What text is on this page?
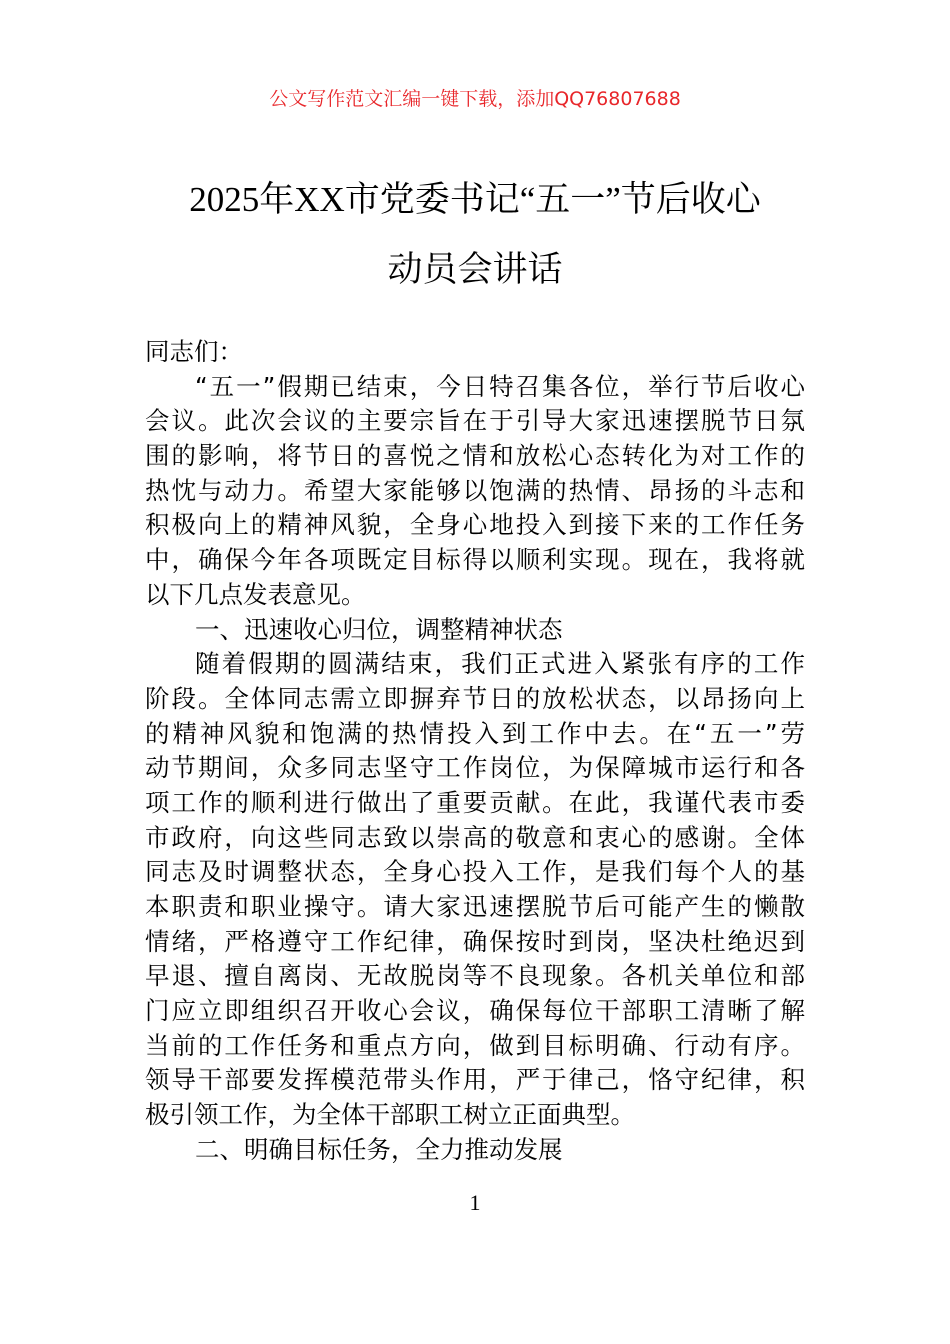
公文写作范文汇编一键下载，添加QQ76807688
2025年XX市党委书记“五一”节后收心
动员会讲话
同志们：
“五一”假期已结束，今日特召集各位，举行节后收心
会议。此次会议的主要宗旨在于引导大家迅速摆脱节日氛
围的影响，将节日的喜悦之情和放松心态转化为对工作的
热忱与动力。希望大家能够以饱满的热情、昂扬的斗志和
积极向上的精神风貌，全身心地投入到接下来的工作任务
中，确保今年各项既定目标得以顺利实现。现在，我将就
以下几点发表意见。
一、迅速收心归位，调整精神状态
随着假期的圆满结束，我们正式进入紧张有序的工作
阶段。全体同志需立即摒弃节日的放松状态，以昂扬向上
的精神风貌和饱满的热情投入到工作中去。在“五一”劳
动节期间，众多同志坚守工作岗位，为保障城市运行和各
项工作的顺利进行做出了重要贡献。在此，我谨代表市委
市政府，向这些同志致以崇高的敬意和衷心的感谢。全体
同志及时调整状态，全身心投入工作，是我们每个人的基
本职责和职业操守。请大家迅速摆脱节后可能产生的懒散
情绪，严格遵守工作纪律，确保按时到岗，坚决杜绝迟到
早退、擅自离岗、无故脱岗等不良现象。各机关单位和部
门应立即组织召开收心会议，确保每位干部职工清晰了解
当前的工作任务和重点方向，做到目标明确、行动有序。
领导干部要发挥模范带头作用，严于律己，恪守纪律，积
极引领工作，为全体干部职工树立正面典型。
二、明确目标任务，全力推动发展
1
